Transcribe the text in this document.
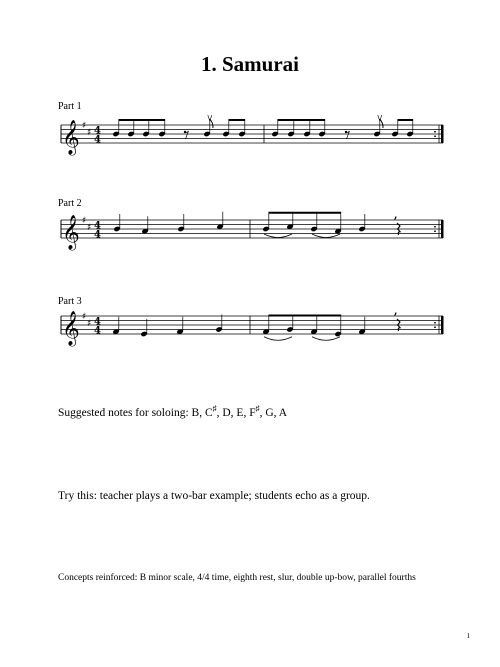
1. Samurai
Part 1
𝄞 ♯
♯ 4
4
Part 2
𝄞 ♯
♯ 4
4
,
Part 3
𝄞 ♯
♯ 4
4
,
Suggested notes for soloing: B, C♯, D, E, F♯, G, A
Try this: teacher plays a two-bar example; students echo as a group.
Concepts reinforced: B minor scale, 4/4 time, eighth rest, slur, double up-bow, parallel fourths
1
